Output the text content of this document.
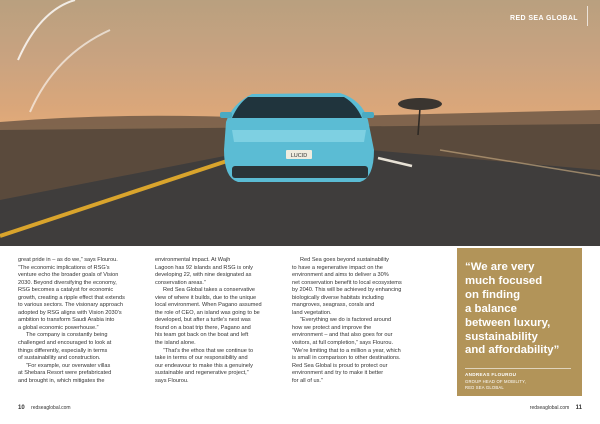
LUCID
RED SEA GLOBAL

great pride in – as do we,” says Flourou.

“The economic implications of RSG’s

venture echo the broader goals of Vision

2030. Beyond diversifying the economy,

RSG becomes a catalyst for economic

growth, creating a ripple effect that extends

to various sectors. The visionary approach

adopted by RSG aligns with Vision 2030’s

ambition to transform Saudi Arabia into

a global economic powerhouse.”

The company is constantly being

challenged and encouraged to look at

things differently, especially in terms

of sustainability and construction.

“For example, our overwater villas

at Shebara Resort were prefabricated

and brought in, which mitigates the

environmental impact. At Wajh

Lagoon has 92 islands and RSG is only

developing 22, with nine designated as

conservation areas.”

Red Sea Global takes a conservative

view of where it builds, due to the unique

local environment. When Pagano assumed

the role of CEO, an island was going to be

developed, but after a turtle’s nest was

found on a boat trip there, Pagano and

his team got back on the boat and left

the island alone.

“That’s the ethos that we continue to

take in terms of our responsibility and

our endeavour to make this a genuinely

sustainable and regenerative project,”

says Flourou.

Red Sea goes beyond sustainability

to have a regenerative impact on the

environment and aims to deliver a 30%

net conservation benefit to local ecosystems

by 2040. This will be achieved by enhancing

biologically diverse habitats including

mangroves, seagrass, corals and

land vegetation.

“Everything we do is factored around

how we protect and improve the

environment – and that also goes for our

visitors, at full completion,” says Flourou.

“We’re limiting that to a million a year, which

is small in comparison to other destinations.

Red Sea Global is proud to protect our

environment and try to make it better

for all of us.”

“We are very
much focused
on finding
a balance
between luxury,
sustainability
and affordability”
ANDREAS FLOUROU
GROUP HEAD OF MOBILITY,
RED SEA GLOBAL
10 redseaglobal.com	redseaglobal.com 11
